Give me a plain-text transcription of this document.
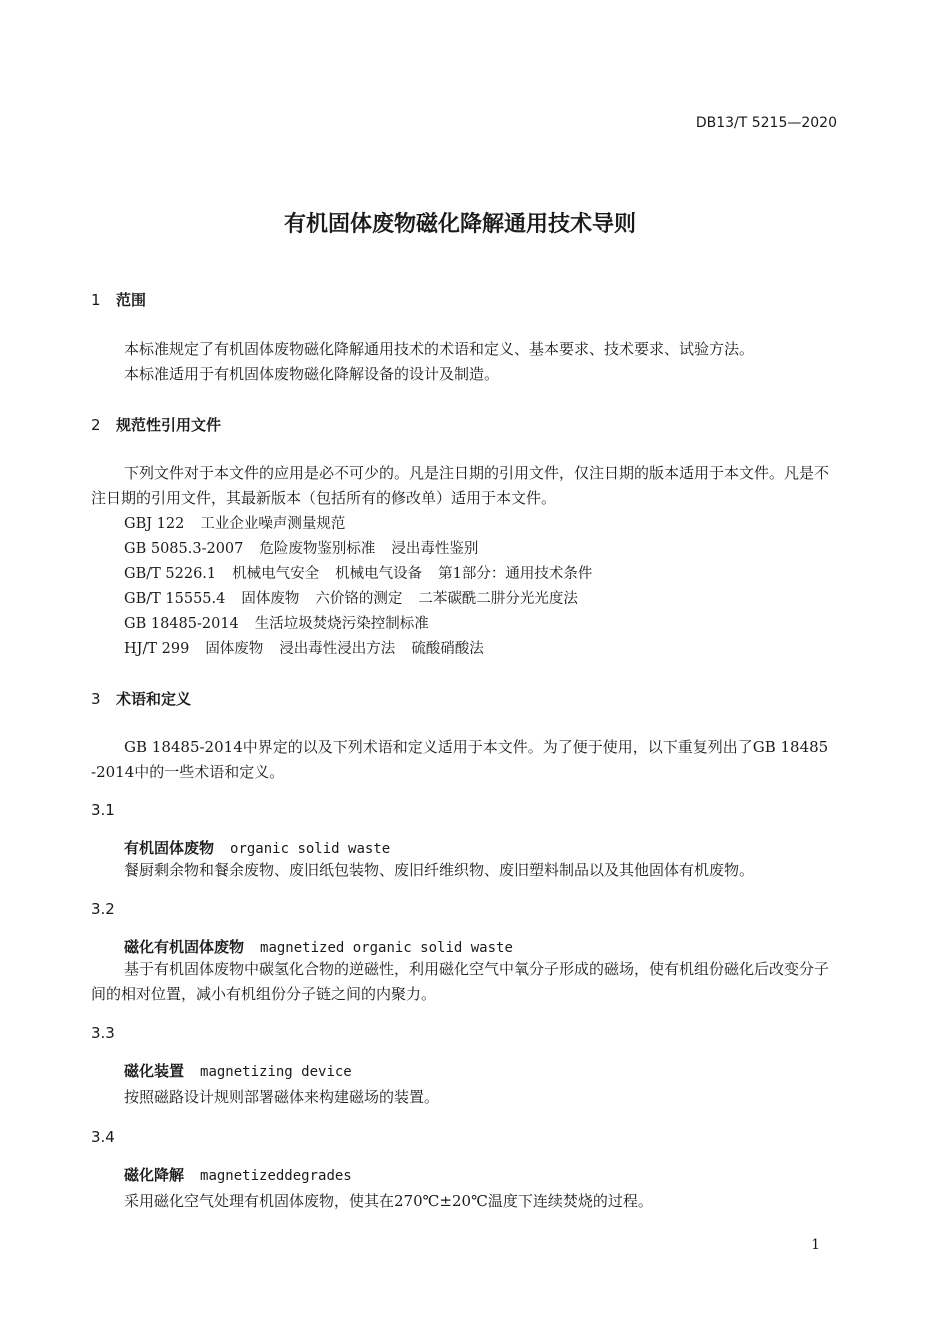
DB13/T 5215—2020
有机固体废物磁化降解通用技术导则
1 范围

本标准规定了有机固体废物磁化降解通用技术的术语和定义、基本要求、技术要求、试验方法。

本标准适用于有机固体废物磁化降解设备的设计及制造。

2 规范性引用文件

下列文件对于本文件的应用是必不可少的。凡是注日期的引用文件，仅注日期的版本适用于本文件。凡是不注日期的引用文件，其最新版本（包括所有的修改单）适用于本文件。

GBJ 122 工业企业噪声测量规范
GB 5085.3-2007 危险废物鉴别标准 浸出毒性鉴别
GB/T 5226.1 机械电气安全 机械电气设备 第1部分：通用技术条件
GB/T 15555.4 固体废物 六价铬的测定 二苯碳酰二肼分光光度法
GB 18485-2014 生活垃圾焚烧污染控制标准
HJ/T 299 固体废物 浸出毒性浸出方法 硫酸硝酸法
3 术语和定义

GB 18485-2014中界定的以及下列术语和定义适用于本文件。为了便于使用，以下重复列出了GB 18485-2014中的一些术语和定义。

3.1
有机固体废物 organic solid waste

餐厨剩余物和餐余废物、废旧纸包装物、废旧纤维织物、废旧塑料制品以及其他固体有机废物。

3.2
磁化有机固体废物 magnetized organic solid waste

基于有机固体废物中碳氢化合物的逆磁性，利用磁化空气中氧分子形成的磁场，使有机组份磁化后改变分子间的相对位置，减小有机组份分子链之间的内聚力。

3.3
磁化装置 magnetizing device

按照磁路设计规则部署磁体来构建磁场的装置。

3.4
磁化降解 magnetizeddegrades

采用磁化空气处理有机固体废物，使其在270℃±20℃温度下连续焚烧的过程。

1
